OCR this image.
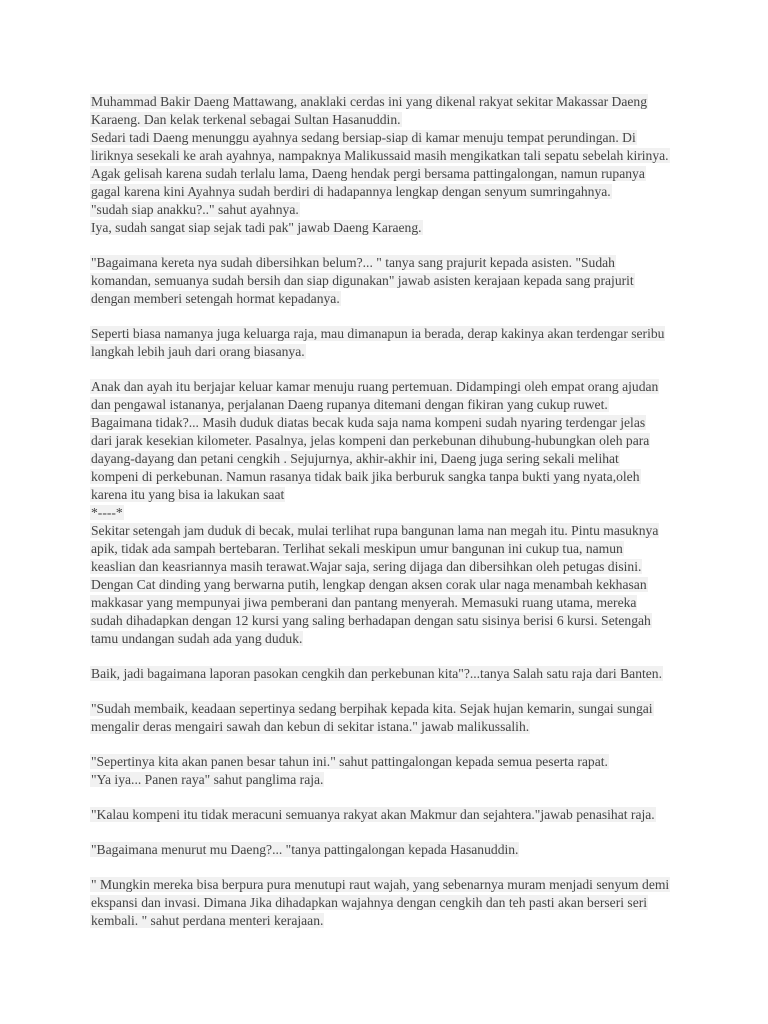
Muhammad Bakir Daeng Mattawang, anaklaki cerdas ini yang dikenal rakyat sekitar Makassar Daeng
Karaeng. Dan kelak terkenal sebagai Sultan Hasanuddin.
Sedari tadi Daeng menunggu ayahnya sedang bersiap-siap di kamar menuju tempat perundingan. Di
liriknya sesekali ke arah ayahnya, nampaknya Malikussaid masih mengikatkan tali sepatu sebelah kirinya.
Agak gelisah karena sudah terlalu lama, Daeng hendak pergi bersama pattingalongan, namun rupanya
gagal karena kini Ayahnya sudah berdiri di hadapannya lengkap dengan senyum sumringahnya.
"sudah siap anakku?.." sahut ayahnya.
Iya, sudah sangat siap sejak tadi pak" jawab Daeng Karaeng.
"Bagaimana kereta nya sudah dibersihkan belum?... " tanya sang prajurit kepada asisten. "Sudah
komandan, semuanya sudah bersih dan siap digunakan" jawab asisten kerajaan kepada sang prajurit
dengan memberi setengah hormat kepadanya.
Seperti biasa namanya juga keluarga raja, mau dimanapun ia berada, derap kakinya akan terdengar seribu
langkah lebih jauh dari orang biasanya.
Anak dan ayah itu berjajar keluar kamar menuju ruang pertemuan. Didampingi oleh empat orang ajudan
dan pengawal istananya, perjalanan Daeng rupanya ditemani dengan fikiran yang cukup ruwet.
Bagaimana tidak?... Masih duduk diatas becak kuda saja nama kompeni sudah nyaring terdengar jelas
dari jarak kesekian kilometer. Pasalnya, jelas kompeni dan perkebunan dihubung-hubungkan oleh para
dayang-dayang dan petani cengkih . Sejujurnya, akhir-akhir ini, Daeng juga sering sekali melihat
kompeni di perkebunan. Namun rasanya tidak baik jika berburuk sangka tanpa bukti yang nyata,oleh
karena itu yang bisa ia lakukan saat
*----*
Sekitar setengah jam duduk di becak, mulai terlihat rupa bangunan lama nan megah itu. Pintu masuknya
apik, tidak ada sampah bertebaran. Terlihat sekali meskipun umur bangunan ini cukup tua, namun
keaslian dan keasriannya masih terawat.Wajar saja, sering dijaga dan dibersihkan oleh petugas disini.
Dengan Cat dinding yang berwarna putih, lengkap dengan aksen corak ular naga menambah kekhasan
makkasar yang mempunyai jiwa pemberani dan pantang menyerah. Memasuki ruang utama, mereka
sudah dihadapkan dengan 12 kursi yang saling berhadapan dengan satu sisinya berisi 6 kursi. Setengah
tamu undangan sudah ada yang duduk.
Baik, jadi bagaimana laporan pasokan cengkih dan perkebunan kita"?...tanya Salah satu raja dari Banten.
"Sudah membaik, keadaan sepertinya sedang berpihak kepada kita. Sejak hujan kemarin, sungai sungai
mengalir deras mengairi sawah dan kebun di sekitar istana." jawab malikussalih.
"Sepertinya kita akan panen besar tahun ini." sahut pattingalongan kepada semua peserta rapat.
"Ya iya... Panen raya" sahut panglima raja.
"Kalau kompeni itu tidak meracuni semuanya rakyat akan Makmur dan sejahtera."jawab penasihat raja.
"Bagaimana menurut mu Daeng?... "tanya pattingalongan kepada Hasanuddin.
" Mungkin mereka bisa berpura pura menutupi raut wajah, yang sebenarnya muram menjadi senyum demi
ekspansi dan invasi. Dimana Jika dihadapkan wajahnya dengan cengkih dan teh pasti akan berseri seri
kembali. " sahut perdana menteri kerajaan.
